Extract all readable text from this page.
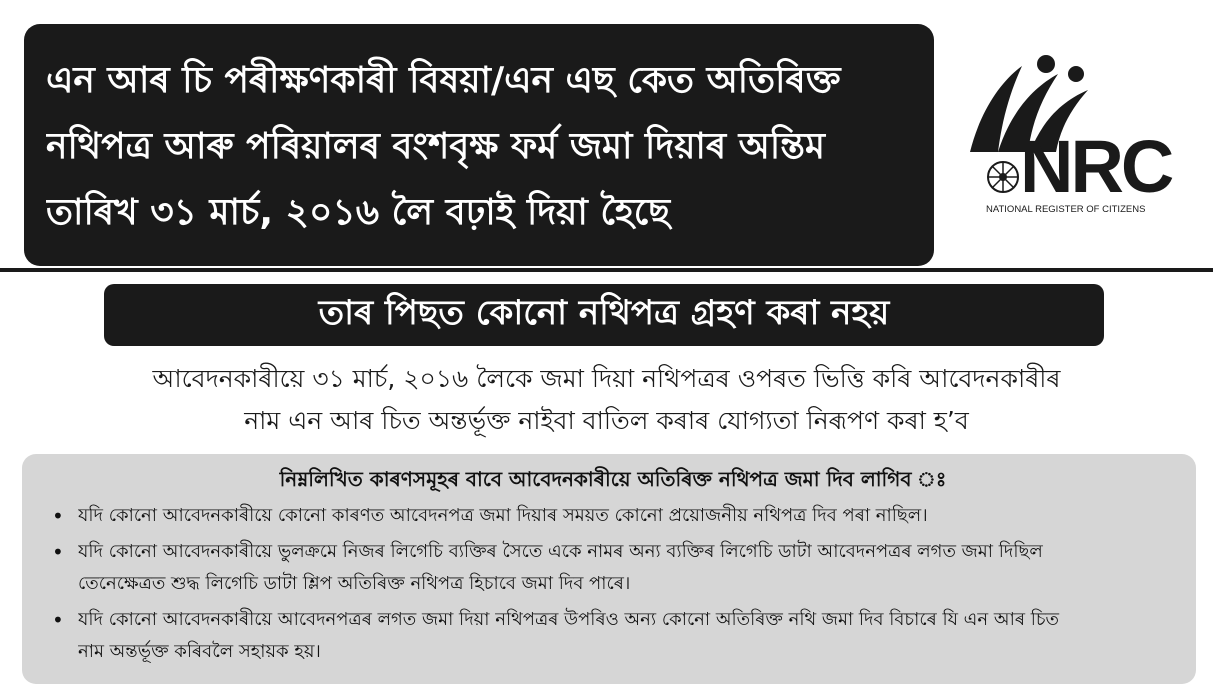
এন আৰ চি পৰীক্ষণকাৰী বিষয়া/এন এছ কেত অতিৰিক্ত
নথিপত্ৰ আৰু পৰিয়ালৰ বংশবৃক্ষ ফৰ্ম জমা দিয়াৰ অন্তিম
তাৰিখ ৩১ মাৰ্চ, ২০১৬ লৈ বঢ়াই দিয়া হৈছে
NRC
NATIONAL REGISTER OF CITIZENS
তাৰ পিছত কোনো নথিপত্ৰ গ্ৰহণ কৰা নহয়
আবেদনকাৰীয়ে ৩১ মাৰ্চ, ২০১৬ লৈকে জমা দিয়া নথিপত্ৰৰ ওপৰত ভিত্তি কৰি আবেদনকাৰীৰ
নাম এন আৰ চিত অন্তৰ্ভূক্ত নাইবা বাতিল কৰাৰ যোগ্যতা নিৰূপণ কৰা হ’ব
নিম্নলিখিত কাৰণসমূহৰ বাবে আবেদনকাৰীয়ে অতিৰিক্ত নথিপত্ৰ জমা দিব লাগিব ঃ
• যদি কোনো আবেদনকাৰীয়ে কোনো কাৰণত আবেদনপত্ৰ জমা দিয়াৰ সময়ত কোনো প্ৰয়োজনীয় নথিপত্ৰ দিব পৰা নাছিল।
• যদি কোনো আবেদনকাৰীয়ে ভুলক্ৰমে নিজৰ লিগেচি ব্যক্তিৰ সৈতে একে নামৰ অন্য ব্যক্তিৰ লিগেচি ডাটা আবেদনপত্ৰৰ লগত জমা দিছিল
তেনেক্ষেত্ৰত শুদ্ধ লিগেচি ডাটা শ্লিপ অতিৰিক্ত নথিপত্ৰ হিচাবে জমা দিব পাৰে।
• যদি কোনো আবেদনকাৰীয়ে আবেদনপত্ৰৰ লগত জমা দিয়া নথিপত্ৰৰ উপৰিও অন্য কোনো অতিৰিক্ত নথি জমা দিব বিচাৰে যি এন আৰ চিত
নাম অন্তৰ্ভূক্ত কৰিবলৈ সহায়ক হয়।
